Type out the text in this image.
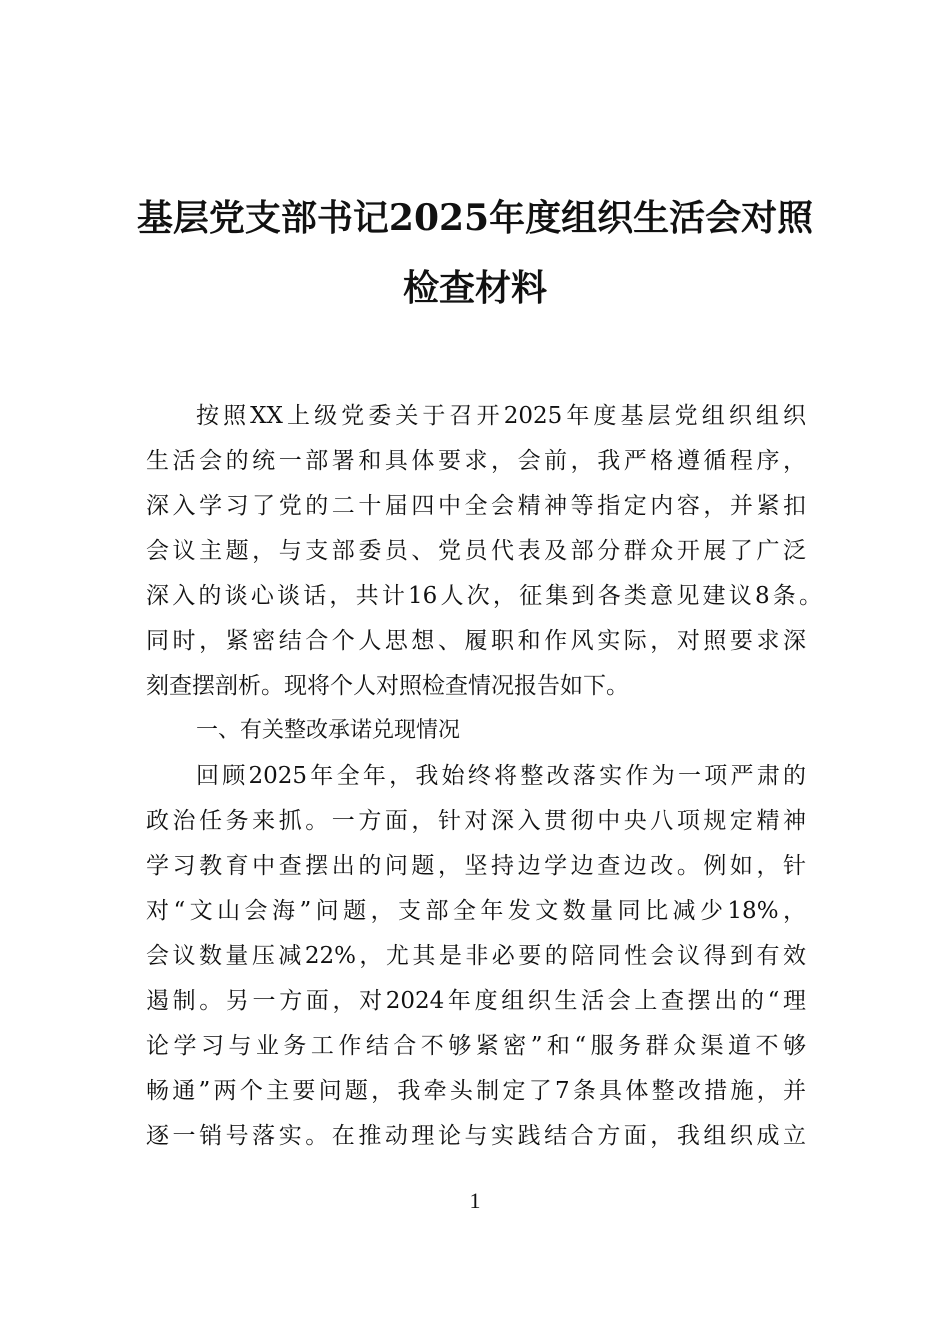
基层党支部书记2025年度组织生活会对照
检查材料
按照XX上级党委关于召开2025年度基层党组织组织
生活会的统一部署和具体要求，会前，我严格遵循程序，
深入学习了党的二十届四中全会精神等指定内容，并紧扣
会议主题，与支部委员、党员代表及部分群众开展了广泛
深入的谈心谈话，共计16人次，征集到各类意见建议8条。
同时，紧密结合个人思想、履职和作风实际，对照要求深
刻查摆剖析。现将个人对照检查情况报告如下。
一、有关整改承诺兑现情况
回顾2025年全年，我始终将整改落实作为一项严肃的
政治任务来抓。一方面，针对深入贯彻中央八项规定精神
学习教育中查摆出的问题，坚持边学边查边改。例如，针
对“文山会海”问题，支部全年发文数量同比减少18%，
会议数量压减22%，尤其是非必要的陪同性会议得到有效
遏制。另一方面，对2024年度组织生活会上查摆出的“理
论学习与业务工作结合不够紧密”和“服务群众渠道不够
畅通”两个主要问题，我牵头制定了7条具体整改措施，并
逐一销号落实。在推动理论与实践结合方面，我组织成立
1
